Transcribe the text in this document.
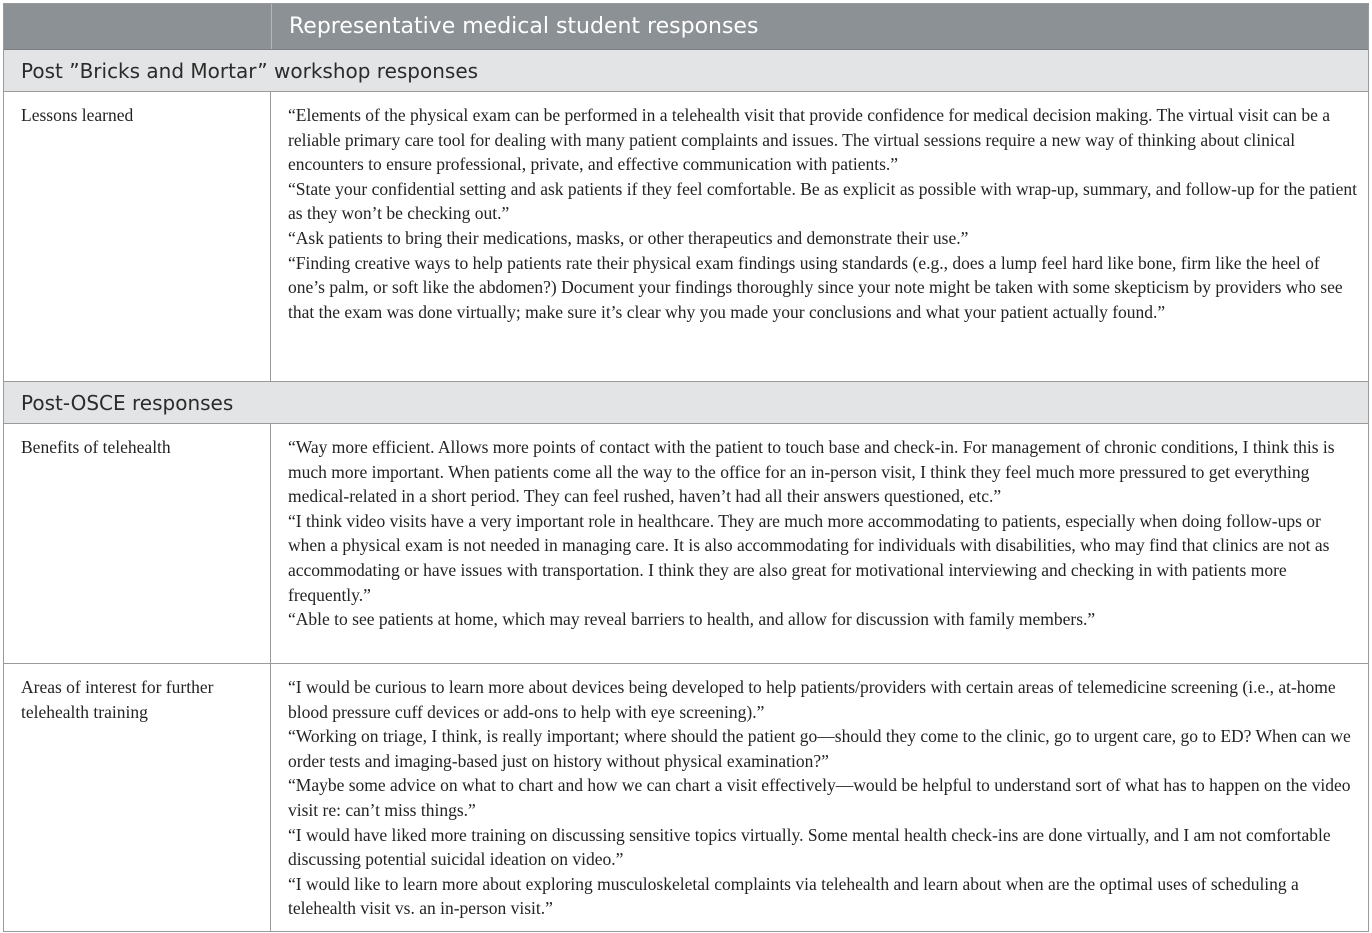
Representative medical student responses
Post ”Bricks and Mortar” workshop responses
Lessons learned	“Elements of the physical exam can be performed in a telehealth visit that provide confidence for medical decision making. The virtual visit can be a reliable primary care tool for dealing with many patient complaints and issues. The virtual sessions require a new way of thinking about clinical encounters to ensure professional, private, and effective communication with patients.”
“State your confidential setting and ask patients if they feel comfortable. Be as explicit as possible with wrap-up, summary, and follow-up for the patient as they won’t be checking out.”
“Ask patients to bring their medications, masks, or other therapeutics and demonstrate their use.”
“Finding creative ways to help patients rate their physical exam findings using standards (e.g., does a lump feel hard like bone, firm like the heel of one’s palm, or soft like the abdomen?) Document your findings thoroughly since your note might be taken with some skepticism by providers who see that the exam was done virtually; make sure it’s clear why you made your conclusions and what your patient actually found.”
Post-OSCE responses
Benefits of telehealth	“Way more efficient. Allows more points of contact with the patient to touch base and check-in. For management of chronic conditions, I think this is much more important. When patients come all the way to the office for an in-person visit, I think they feel much more pressured to get everything medical-related in a short period. They can feel rushed, haven’t had all their answers questioned, etc.”
“I think video visits have a very important role in healthcare. They are much more accommodating to patients, especially when doing follow-ups or when a physical exam is not needed in managing care. It is also accommodating for individuals with disabilities, who may find that clinics are not as accommodating or have issues with transportation. I think they are also great for motivational interviewing and checking in with patients more frequently.”
“Able to see patients at home, which may reveal barriers to health, and allow for discussion with family members.”
Areas of interest for further telehealth training
“I would be curious to learn more about devices being developed to help patients/providers with certain areas of telemedicine screening (i.e., at-home blood pressure cuff devices or add-ons to help with eye screening).”
“Working on triage, I think, is really important; where should the patient go—should they come to the clinic, go to urgent care, go to ED? When can we order tests and imaging-based just on history without physical examination?”
“Maybe some advice on what to chart and how we can chart a visit effectively—would be helpful to understand sort of what has to happen on the video visit re: can’t miss things.”
“I would have liked more training on discussing sensitive topics virtually. Some mental health check-ins are done virtually, and I am not comfortable discussing potential suicidal ideation on video.”
“I would like to learn more about exploring musculoskeletal complaints via telehealth and learn about when are the optimal uses of scheduling a telehealth visit vs. an in-person visit.”
